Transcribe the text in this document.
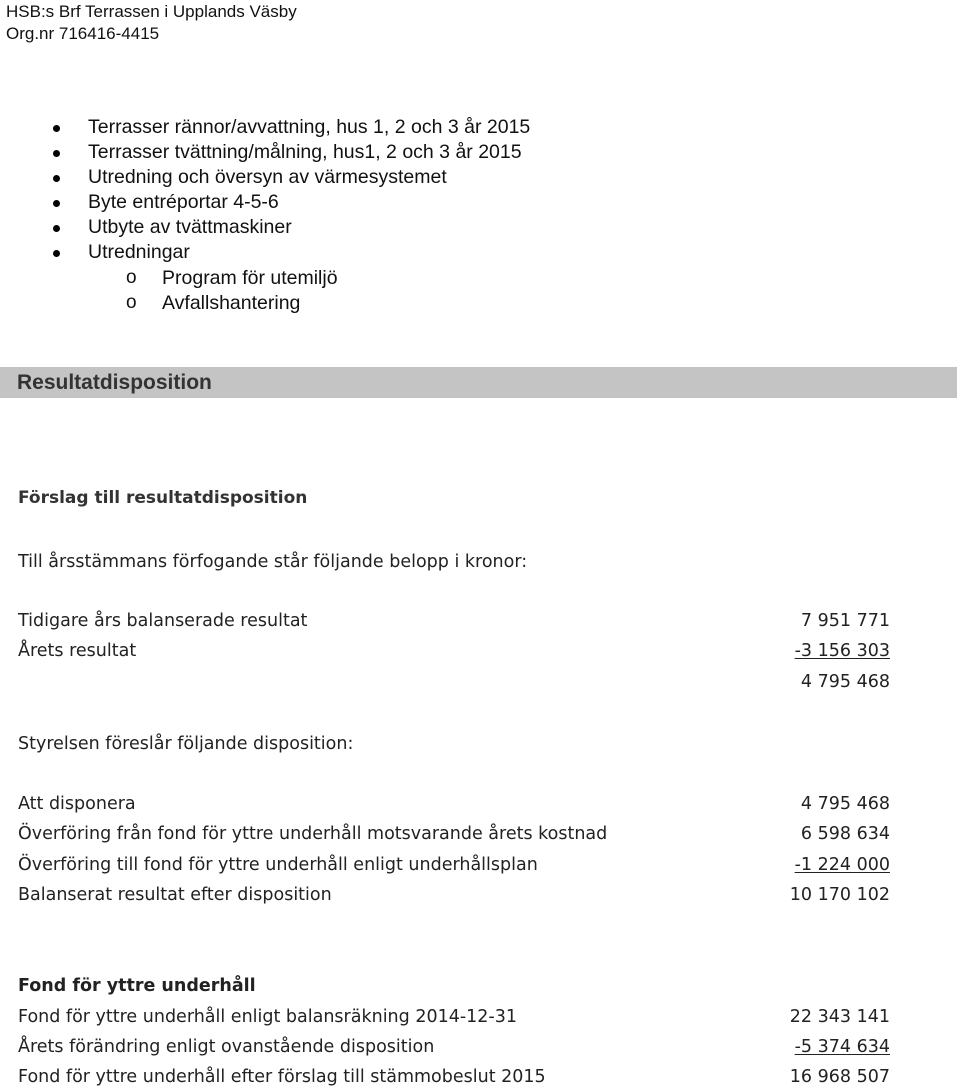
HSB:s Brf Terrassen i Upplands Väsby
Org.nr 716416-4415
Terrasser rännor/avvattning, hus 1, 2 och 3 år 2015
Terrasser tvättning/målning, hus1, 2 och 3 år 2015
Utredning och översyn av värmesystemet
Byte entréportar 4-5-6
Utbyte av tvättmaskiner
Utredningar
o Program för utemiljö
o Avfallshantering
Resultatdisposition
Förslag till resultatdisposition
Till årsstämmans förfogande står följande belopp i kronor:
Tidigare års balanserade resultat	7 951 771
Årets resultat	-3 156 303
4 795 468
Styrelsen föreslår följande disposition:
Att disponera	4 795 468
Överföring från fond för yttre underhåll motsvarande årets kostnad	6 598 634
Överföring till fond för yttre underhåll enligt underhållsplan	-1 224 000
Balanserat resultat efter disposition	10 170 102
Fond för yttre underhåll
Fond för yttre underhåll enligt balansräkning 2014-12-31	22 343 141
Årets förändring enligt ovanstående disposition	-5 374 634
Fond för yttre underhåll efter förslag till stämmobeslut 2015	16 968 507
